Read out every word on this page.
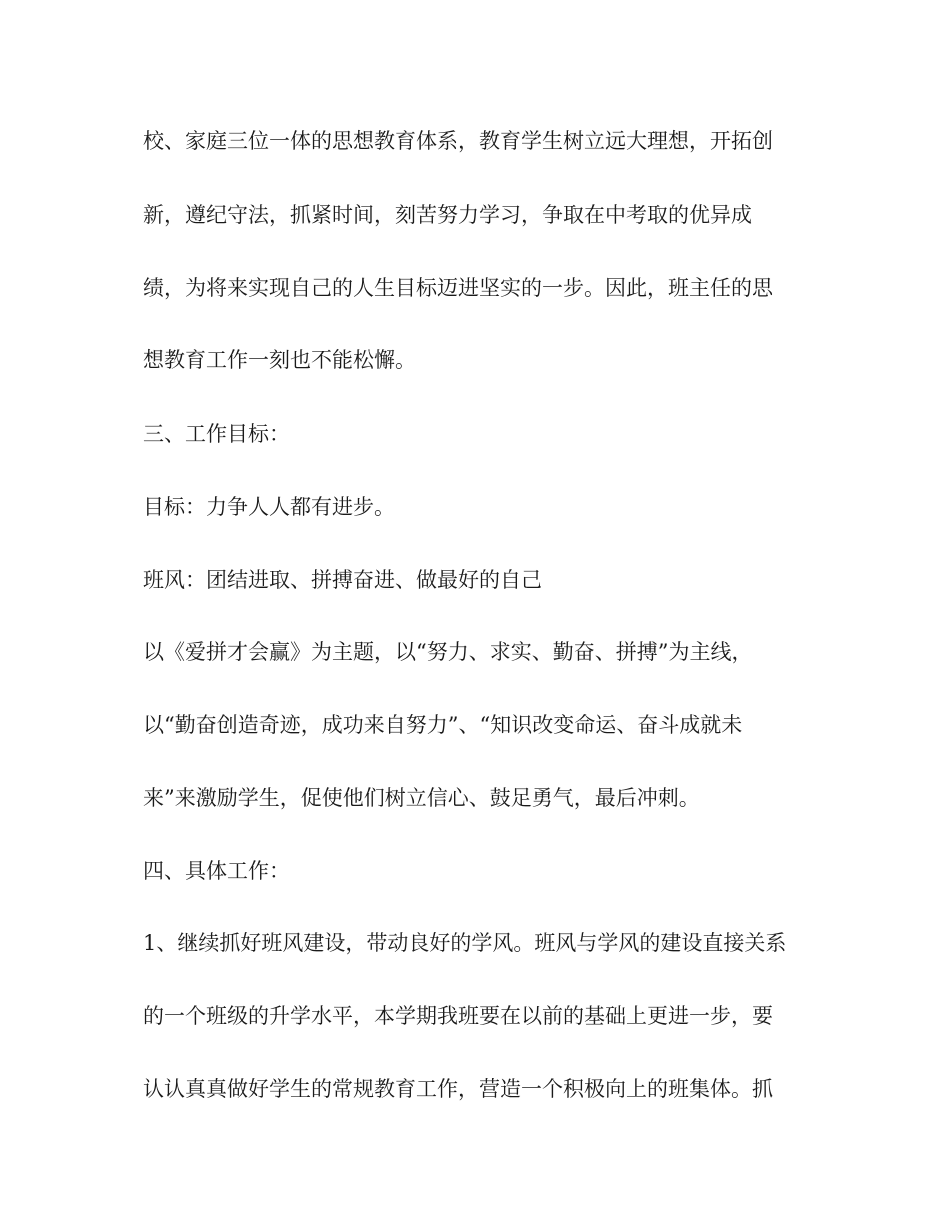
校、家庭三位一体的思想教育体系，教育学生树立远大理想，开拓创

新，遵纪守法，抓紧时间，刻苦努力学习，争取在中考取的优异成

绩，为将来实现自己的人生目标迈进坚实的一步。因此，班主任的思

想教育工作一刻也不能松懈。

三、工作目标：

目标：力争人人都有进步。

班风：团结进取、拼搏奋进、做最好的自己

以《爱拼才会赢》为主题，以“努力、求实、勤奋、拼搏”为主线，

以“勤奋创造奇迹，成功来自努力”、“知识改变命运、奋斗成就未

来”来激励学生，促使他们树立信心、鼓足勇气，最后冲刺。

四、具体工作：

1、继续抓好班风建设，带动良好的学风。班风与学风的建设直接关系

的一个班级的升学水平，本学期我班要在以前的基础上更进一步，要

认认真真做好学生的常规教育工作，营造一个积极向上的班集体。抓
